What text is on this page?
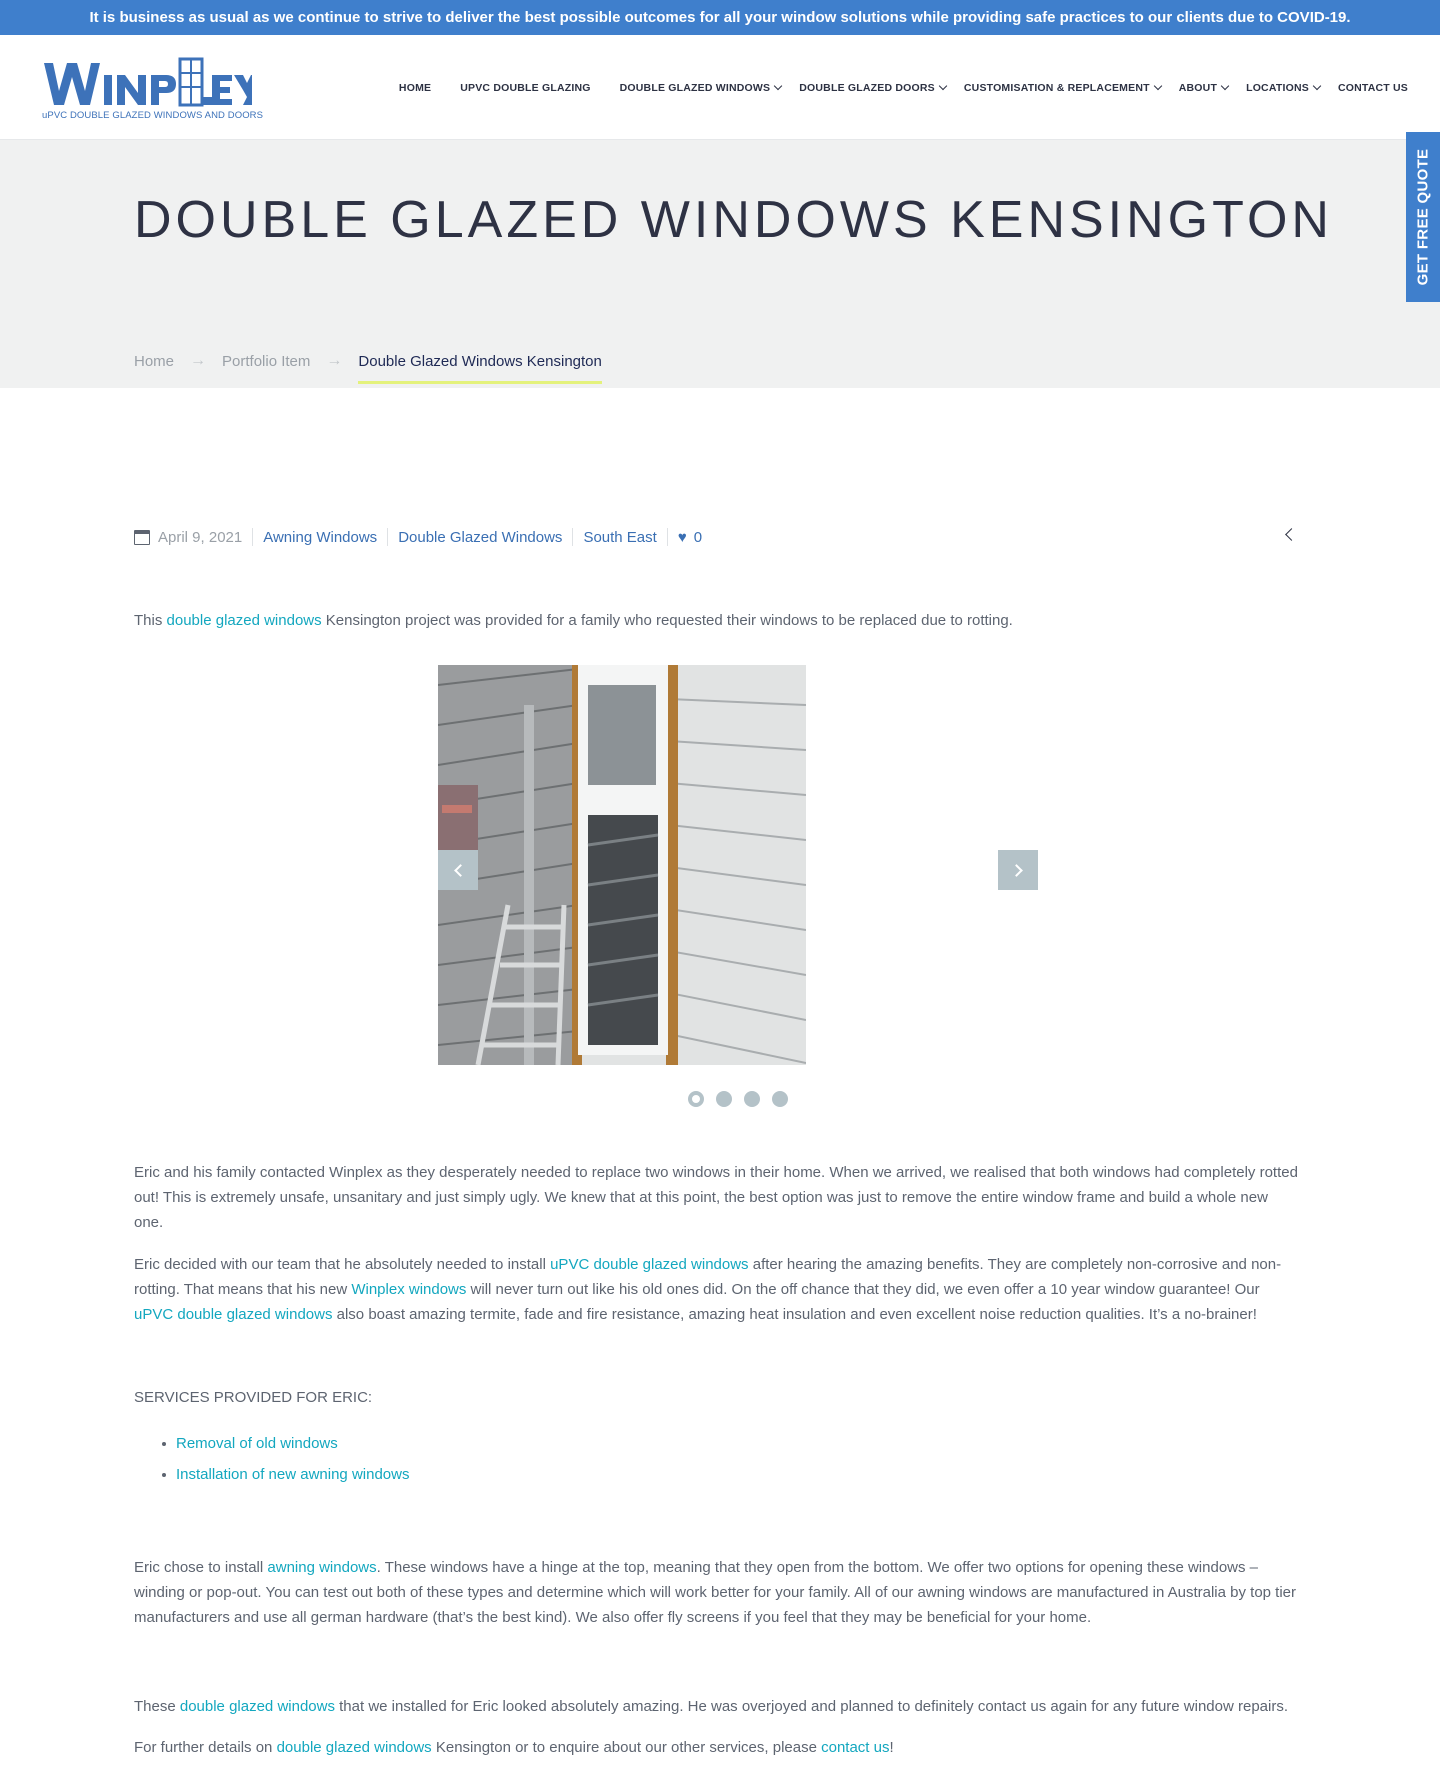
It is business as usual as we continue to strive to deliver the best possible outcomes for all your window solutions while providing safe practices to our clients due to COVID-19.
uPVC DOUBLE GLAZED WINDOWS AND DOORS
HOME	UPVC DOUBLE GLAZING	DOUBLE GLAZED WINDOWS	DOUBLE GLAZED DOORS	CUSTOMISATION & REPLACEMENT	ABOUT	LOCATIONS	CONTACT US
DOUBLE GLAZED WINDOWS KENSINGTON
Home → Portfolio Item → Double Glazed Windows Kensington
GET FREE QUOTE
April 9, 2021 Awning Windows Double Glazed Windows South East ♥ 0

This double glazed windows Kensington project was provided for a family who requested their windows to be replaced due to rotting.

Eric and his family contacted Winplex as they desperately needed to replace two windows in their home. When we arrived, we realised that both windows had completely rotted out! This is extremely unsafe, unsanitary and just simply ugly. We knew that at this point, the best option was just to remove the entire window frame and build a whole new one.

Eric decided with our team that he absolutely needed to install uPVC double glazed windows after hearing the amazing benefits. They are completely non-corrosive and non-rotting. That means that his new Winplex windows will never turn out like his old ones did. On the off chance that they did, we even offer a 10 year window guarantee! Our uPVC double glazed windows also boast amazing termite, fade and fire resistance, amazing heat insulation and even excellent noise reduction qualities. It’s a no-brainer!

SERVICES PROVIDED FOR ERIC:
Removal of old windows
Installation of new awning windows

Eric chose to install awning windows. These windows have a hinge at the top, meaning that they open from the bottom. We offer two options for opening these windows – winding or pop-out. You can test out both of these types and determine which will work better for your family. All of our awning windows are manufactured in Australia by top tier manufacturers and use all german hardware (that’s the best kind). We also offer fly screens if you feel that they may be beneficial for your home.

These double glazed windows that we installed for Eric looked absolutely amazing. He was overjoyed and planned to definitely contact us again for any future window repairs.

For further details on double glazed windows Kensington or to enquire about our other services, please contact us!
